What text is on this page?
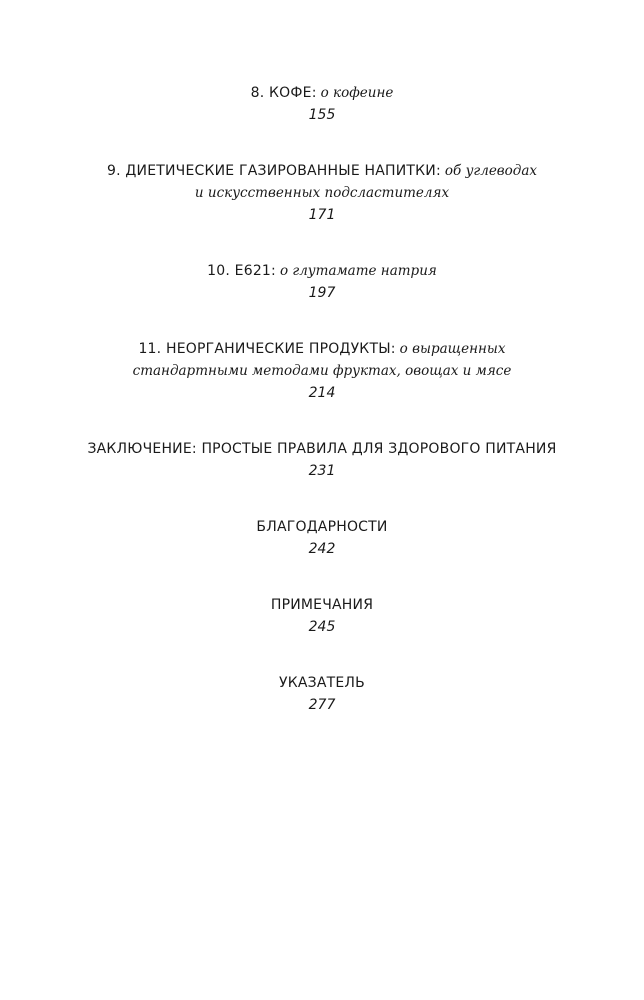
8. КОФЕ: о кофеине
155
9. ДИЕТИЧЕСКИЕ ГАЗИРОВАННЫЕ НАПИТКИ: об углеводах
и искусственных подсластителях
171
10. Е621: о глутамате натрия
197
11. НЕОРГАНИЧЕСКИЕ ПРОДУКТЫ: о выращенных
стандартными методами фруктах, овощах и мясе
214
ЗАКЛЮЧЕНИЕ: ПРОСТЫЕ ПРАВИЛА ДЛЯ ЗДОРОВОГО ПИТАНИЯ
231
БЛАГОДАРНОСТИ
242
ПРИМЕЧАНИЯ
245
УКАЗАТЕЛЬ
277
